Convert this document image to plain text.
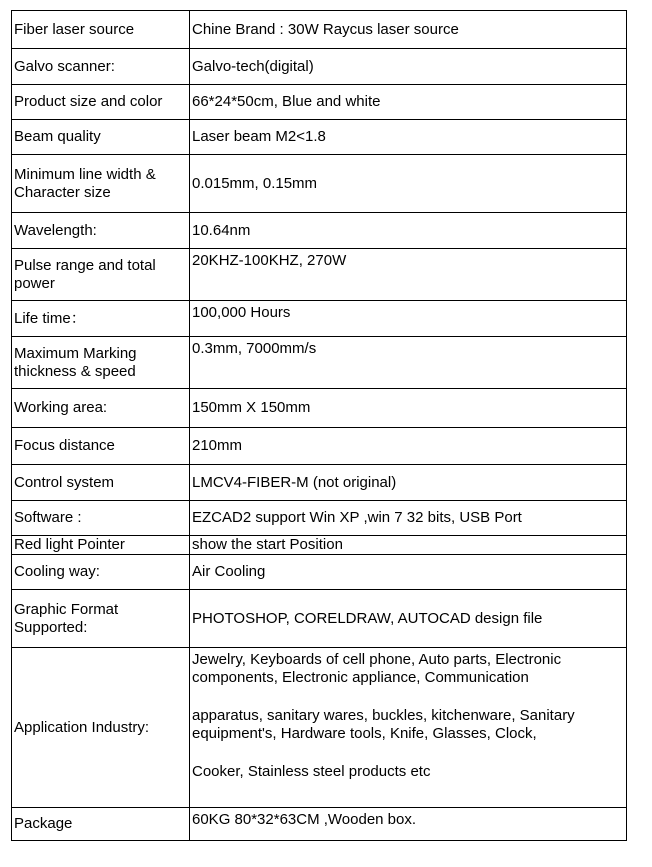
Fiber laser source	Chine Brand : 30W Raycus laser source
Galvo scanner:	Galvo-tech(digital)
Product size and color	66*24*50cm, Blue and white
Beam quality	Laser beam M2<1.8
Minimum line width & Character size	0.015mm, 0.15mm
Wavelength:	10.64nm
Pulse range and total power	20KHZ-100KHZ, 270W
Life time：	100,000 Hours
Maximum Marking thickness & speed	0.3mm, 7000mm/s
Working area:	150mm X 150mm
Focus distance	210mm
Control system	LMCV4-FIBER-M (not original)
Software :	EZCAD2 support Win XP ,win 7 32 bits, USB Port
Red light Pointer	show the start Position
Cooling way:	Air Cooling
Graphic Format Supported:	PHOTOSHOP, CORELDRAW, AUTOCAD design file
Application Industry:	Jewelry, Keyboards of cell phone, Auto parts, Electronic components, Electronic appliance, Communication
apparatus, sanitary wares, buckles, kitchenware, Sanitary equipment's, Hardware tools, Knife, Glasses, Clock,
Cooker, Stainless steel products etc

Package	60KG 80*32*63CM ,Wooden box.
